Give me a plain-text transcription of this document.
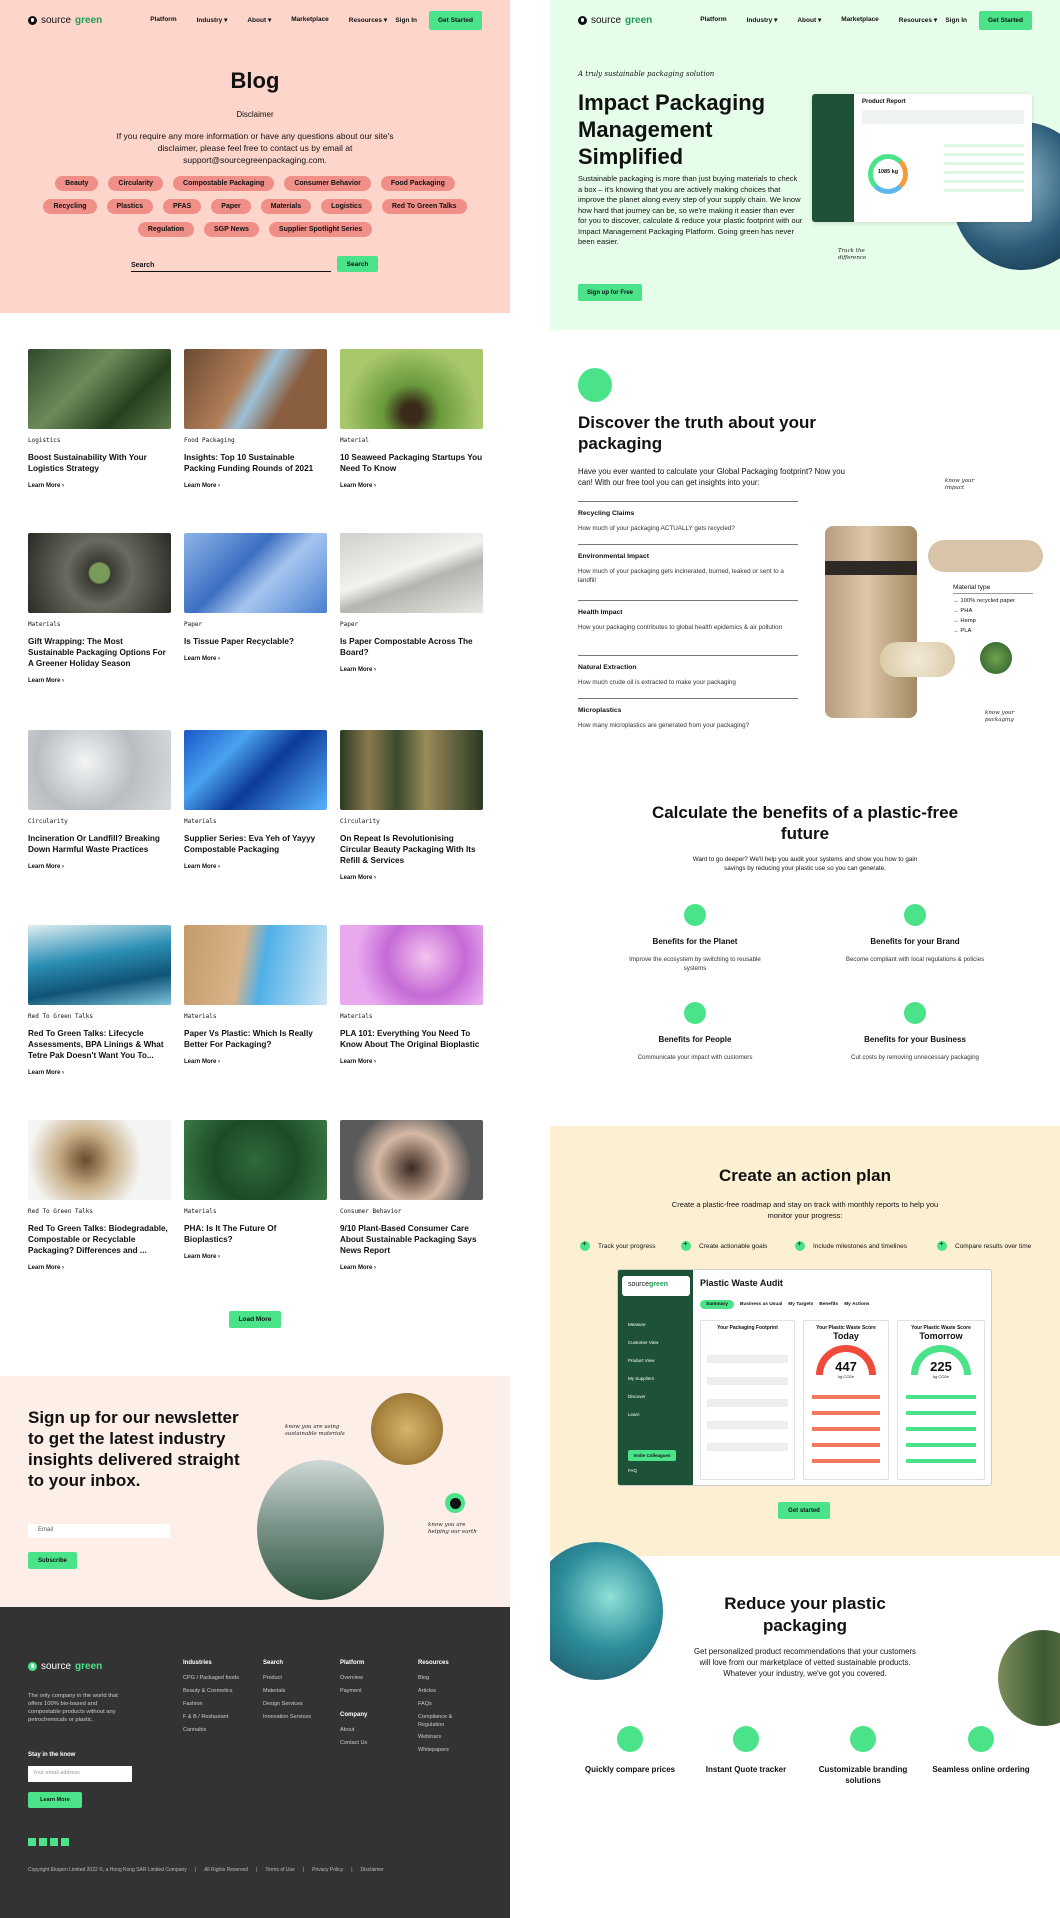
source green	Platform	Industry ▾	About ▾	Marketplace	Resources ▾ Sign In	Get Started
Blog
Disclaimer
If you require any more information or have any questions about our site's disclaimer, please feel free to contact us by email at support@sourcegreenpackaging.com.
Beauty	Circularity	Compostable Packaging	Consumer Behavior	Food Packaging
Recycling	Plastics	PFAS	Paper	Materials	Logistics	Red To Green Talks
Regulation	SGP News	Supplier Spotlight Series
Search	Search
Logistics
Boost Sustainability With Your Logistics Strategy
Learn More ›
Food Packaging
Insights: Top 10 Sustainable Packing Funding Rounds of 2021
Learn More ›
Material
10 Seaweed Packaging Startups You Need To Know
Learn More ›
Materials
Gift Wrapping: The Most Sustainable Packaging Options For A Greener Holiday Season
Learn More ›
Paper
Is Tissue Paper Recyclable?
Learn More ›
Paper
Is Paper Compostable Across The Board?
Learn More ›
Circularity
Incineration Or Landfill? Breaking Down Harmful Waste Practices
Learn More ›
Materials
Supplier Series: Eva Yeh of Yayyy Compostable Packaging
Learn More ›
Circularity
On Repeat Is Revolutionising Circular Beauty Packaging With Its Refill & Services
Learn More ›
Red To Green Talks
Red To Green Talks: Lifecycle Assessments, BPA Linings & What Tetre Pak Doesn't Want You To...
Learn More ›
Materials
Paper Vs Plastic: Which Is Really Better For Packaging?
Learn More ›
Materials
PLA 101: Everything You Need To Know About The Original Bioplastic
Learn More ›
Red To Green Talks
Red To Green Talks: Biodegradable, Compostable or Recyclable Packaging? Differences and ...
Learn More ›
Materials
PHA: Is It The Future Of Bioplastics?
Learn More ›
Consumer Behavior
9/10 Plant-Based Consumer Care About Sustainable Packaging Says News Report
Learn More ›
Load More
Sign up for our newsletter to get the latest industry insights delivered straight to your inbox.
Email
Subscribe
know you are using sustainable materials
know you are helping our earth
source green
The only company in the world that offers 100% bio-based and compostable products without any petrochemicals or plastic.
Stay in the know
Your email address
Learn More
Industries
CPG / Packaged foods
Beauty & Cosmetics
Fashion
F & B / Restaurant
Cannabis
Search
Product
Materials
Design Services
Innovation Services
Platform
Overview
Payment
Company
About
Contact Us
Resources
Blog
Articles
FAQs
Compliance & Regulation
Webinars
Whitepapers
Copyright Ekopen Limited 2022 ©, a Hong Kong SAR Limited Company | All Rights Reserved | Terms of Use | Privacy Policy | Disclaimer
source green	Platform	Industry ▾	About ▾	Marketplace	Resources ▾ Sign In	Get Started
A truly sustainable packaging solution
Impact Packaging Management Simplified

Sustainable packaging is more than just buying materials to check a box – it's knowing that you are actively making choices that improve the planet along every step of your supply chain. We know how hard that journey can be, so we're making it easier than ever for you to discover, calculate & reduce your plastic footprint with our Impact Management Packaging Platform. Going green has never been easier.

Sign up for Free
Product Report
1085 kg
Track the difference
Discover the truth about your packaging
Have you ever wanted to calculate your Global Packaging footprint? Now you can! With our free tool you can get insights into your:
Recycling Claims
How much of your packaging ACTUALLY gets recycled?
Environmental Impact
How much of your packaging gets incinerated, burned, leaked or sent to a landfill
Health Impact
How your packaging contributes to global health epidemics & air pollution
Natural Extraction
How much crude oil is extracted to make your packaging
Microplastics
How many microplastics are generated from your packaging?
know your impact
know your packaging
Material type
→ 100% recycled paper
→ PHA
→ Hemp
→ PLA
Calculate the benefits of a plastic-free future
Want to go deeper? We'll help you audit your systems and show you how to gain savings by reducing your plastic use so you can generate.
Benefits for the Planet
Improve the ecosystem by switching to reusable systems
Benefits for your Brand
Become compliant with local regulations & policies
Benefits for People
Communicate your impact with customers
Benefits for your Business
Cut costs by removing unnecessary packaging
Create an action plan
Create a plastic-free roadmap and stay on track with monthly reports to help you monitor your progress:
+
Track your progress +	Create actionable goals +	Include milestones and timelines +	Compare results over time
sourcegreen
Measure
Customer View
Product View
My Suppliers
Discover
Learn
Invite Colleagues
FAQ
Plastic Waste Audit
Summary	Business as Usual My Targets Benefits My Actions
Your Packaging Footprint	Your Plastic Waste Score
Today
447
kg CO2e
Your Plastic Waste Score
Tomorrow
225
kg CO2e
Get started
Reduce your plastic packaging
Get personalized product recommendations that your customers will love from our marketplace of vetted sustainable products. Whatever your industry, we've got you covered.
Quickly compare prices	Instant Quote tracker	Customizable branding solutions
Seamless online ordering
